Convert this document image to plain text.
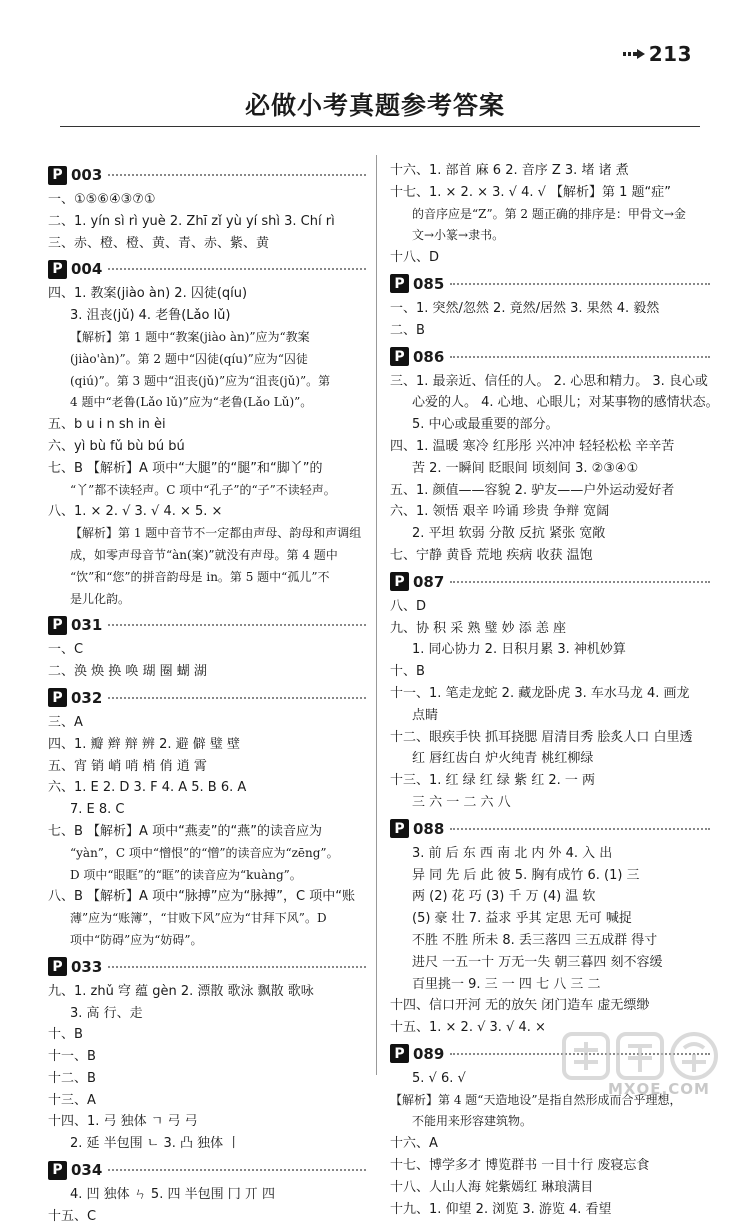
213
必做小考真题参考答案
P 003
一、①⑤⑥④③⑦①
二、1. yín sì rì yuè 2. Zhī zǐ yù yí shì 3. Chí rì
三、赤、橙、橙、黄、青、赤、紫、黄
P 004
四、1. 教案(jiào àn) 2. 囚徒(qíu)
3. 沮丧(jǔ) 4. 老鲁(Lǎo lǔ)
【解析】第 1 题中“教案(jiào àn)”应为“教案
(jiào'àn)”。第 2 题中“囚徒(qíu)”应为“囚徒
(qiú)”。第 3 题中“沮丧(jǔ)”应为“沮丧(jǔ)”。第
4 题中“老鲁(Lǎo lǔ)”应为“老鲁(Lǎo Lǔ)”。
五、b u i n sh in èi
六、yì bù fǔ bù bú bú
七、B 【解析】A 项中“大腿”的“腿”和“脚丫”的
“丫”都不读轻声。C 项中“孔子”的“子”不读轻声。
八、1. × 2. √ 3. √ 4. × 5. ×
【解析】第 1 题中音节不一定都由声母、韵母和声调组
成，如零声母音节“àn(案)”就没有声母。第 4 题中
“饮”和“您”的拼音韵母是 in。第 5 题中“孤儿”不
是儿化韵。
P 031
一、C
二、涣 焕 换 唤 瑚 圈 蝴 湖
P 032
三、A
四、1. 瓣 辫 辩 辨 2. 避 僻 璧 壁
五、宵 销 峭 哨 梢 俏 逍 霄
六、1. E 2. D 3. F 4. A 5. B 6. A
7. E 8. C
七、B 【解析】A 项中“燕麦”的“燕”的读音应为
“yàn”，C 项中“憎恨”的“憎”的读音应为“zēng”。
D 项中“眼眶”的“眶”的读音应为“kuàng”。
八、B 【解析】A 项中“脉搏”应为“脉搏”，C 项中“账
薄”应为“账簿”，“甘败下风”应为“甘拜下风”。D
项中“防碍”应为“妨碍”。
P 033
九、1. zhǔ 穹 蕴 gèn 2. 漂散 歌泳 飘散 歌咏
3. 高 行、走
十、B
十一、B
十二、B
十三、A
十四、1. 弓 独体 ㄱ 弓 弓
2. 延 半包围 ㄴ 3. 凸 独体 丨
P 034
4. 凹 独体 ㄣ 5. 四 半包围 ⼌ 丌 四
十五、C
十六、1. 部首 麻 6 2. 音序 Z 3. 堵 诸 煮
十七、1. × 2. × 3. √ 4. √ 【解析】第 1 题“症”
的音序应是“Z”。第 2 题正确的排序是：甲骨文→金
文→小篆→隶书。
十八、D
P 085
一、1. 突然/忽然 2. 竟然/居然 3. 果然 4. 毅然
二、B
P 086
三、1. 最亲近、信任的人。 2. 心思和精力。 3. 良心或
心爱的人。 4. 心地、心眼儿；对某事物的感情状态。
5. 中心或最重要的部分。
四、1. 温暖 寒冷 红彤彤 兴冲冲 轻轻松松 辛辛苦
苦 2. 一瞬间 眨眼间 顷刻间 3. ②③④①
五、1. 颜值——容貌 2. 驴友——户外运动爱好者
六、1. 领悟 艰辛 吟诵 珍贵 争辩 宽阔
2. 平坦 软弱 分散 反抗 紧张 宽敞
七、宁静 黄昏 荒地 疾病 收获 温饱
P 087
八、D
九、协 积 采 熟 璧 妙 添 恙 座
1. 同心协力 2. 日积月累 3. 神机妙算
十、B
十一、1. 笔走龙蛇 2. 藏龙卧虎 3. 车水马龙 4. 画龙
点睛
十二、眼疾手快 抓耳挠腮 眉清目秀 脍炙人口 白里透
红 唇红齿白 炉火纯青 桃红柳绿
十三、1. 红 绿 红 绿 紫 红 2. 一 两
三 六 一 二 六 八
P 088
3. 前 后 东 西 南 北 内 外 4. 入 出
异 同 先 后 此 彼 5. 胸有成竹 6. (1) 三
两 (2) 花 巧 (3) 千 万 (4) 温 软
(5) 豪 壮 7. 益求 乎其 定思 无可 喊捉
不胜 不胜 所未 8. 丢三落四 三五成群 得寸
进尺 一五一十 万无一失 朝三暮四 刻不容缓
百里挑一 9. 三 一 四 七 八 三 二
十四、信口开河 无的放矢 闭门造车 虚无缥缈
十五、1. × 2. √ 3. √ 4. ×
P 089
5. √ 6. √
【解析】第 4 题“天造地设”是指自然形成而合乎理想，
不能用来形容建筑物。
十六、A
十七、博学多才 博览群书 一目十行 废寝忘食
十八、人山人海 姹紫嫣红 琳琅满目
十九、1. 仰望 2. 浏览 3. 游览 4. 看望
MXQE.COM
